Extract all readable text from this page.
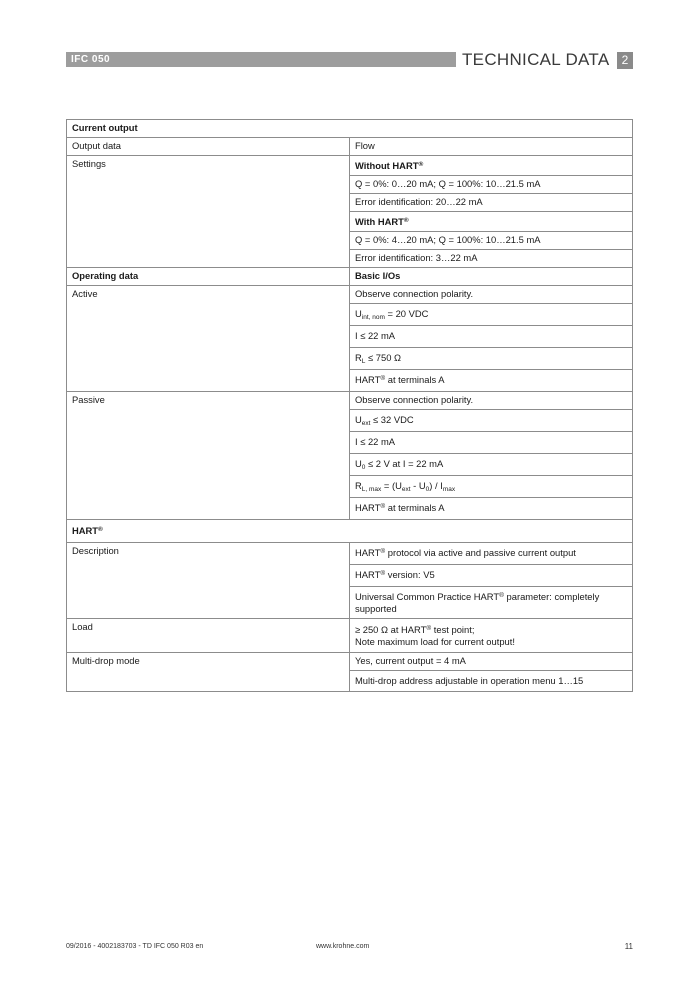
IFC 050	TECHNICAL DATA	2
Current output	
Output data	Flow
Settings	Without HART®
	Q = 0%: 0…20 mA; Q = 100%: 10…21.5 mA
	Error identification: 20…22 mA
	With HART®
	Q = 0%: 4…20 mA; Q = 100%: 10…21.5 mA
	Error identification: 3…22 mA
Operating data	Basic I/Os
Active	Observe connection polarity.
	$U_{int, nom} = 20$ VDC
	I ≤ 22 mA
	$R_L \le 750$ Ω
	HART® at terminals A
Passive	Observe connection polarity.
	$U_{ext} \le 32$ VDC
	I ≤ 22 mA
	$U_0 \le 2$ V at I = 22 mA
	$R_{L, max} = (U_{ext} - U_0) / I_{max}$
	HART® at terminals A
HART®
Description	HART® protocol via active and passive current output
	HART® version: V5
	Universal Common Practice HART® parameter: completely supported
Load	≥ 250 Ω at HART® test point;
Note maximum load for current output!
Multi-drop mode	Yes, current output = 4 mA
	Multi-drop address adjustable in operation menu 1…15
09/2016 - 4002183703 - TD IFC 050 R03 en	www.krohne.com	11
